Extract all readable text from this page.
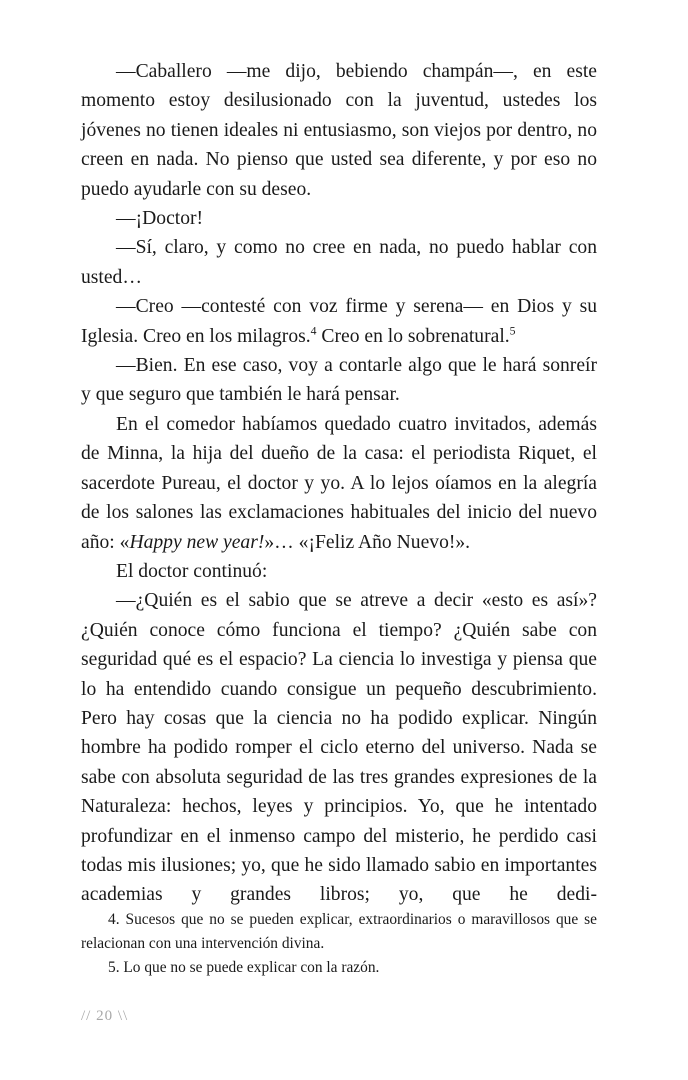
—Caballero —me dijo, bebiendo champán—, en este momento estoy desilusionado con la juventud, ustedes los jóvenes no tienen ideales ni entusiasmo, son viejos por dentro, no creen en nada. No pienso que usted sea diferente, y por eso no puedo ayudarle con su deseo.

—¡Doctor!

—Sí, claro, y como no cree en nada, no puedo hablar con usted…

—Creo —contesté con voz firme y serena— en Dios y su Iglesia. Creo en los milagros.$^4$ Creo en lo sobrenatural.$^5$

—Bien. En ese caso, voy a contarle algo que le hará sonreír y que seguro que también le hará pensar.

En el comedor habíamos quedado cuatro invitados, además de Minna, la hija del dueño de la casa: el periodista Riquet, el sacerdote Pureau, el doctor y yo. A lo lejos oíamos en la alegría de los salones las exclamaciones habituales del inicio del nuevo año: «Happy new year!»… «¡Feliz Año Nuevo!».

El doctor continuó:

—¿Quién es el sabio que se atreve a decir «esto es así»? ¿Quién conoce cómo funciona el tiempo? ¿Quién sabe con seguridad qué es el espacio? La ciencia lo investiga y piensa que lo ha entendido cuando consigue un pequeño descubrimiento. Pero hay cosas que la ciencia no ha podido explicar. Ningún hombre ha podido romper el ciclo eterno del universo. Nada se sabe con absoluta seguridad de las tres grandes expresiones de la Naturaleza: hechos, leyes y principios. Yo, que he intentado profundizar en el inmenso campo del misterio, he perdido casi todas mis ilusiones; yo, que he sido llamado sabio en importantes academias y grandes libros; yo, que he dedi-

4. Sucesos que no se pueden explicar, extraordinarios o maravillosos que se relacionan con una intervención divina.

5. Lo que no se puede explicar con la razón.

// 20 \\
